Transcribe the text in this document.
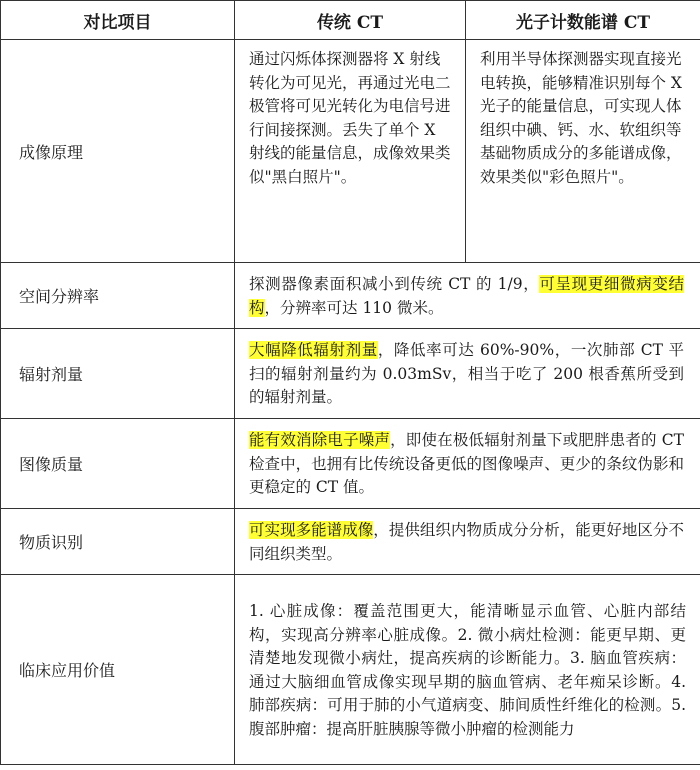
对比项目	传统 CT	光子计数能谱 CT
成像原理	通过闪烁体探测器将 X 射线转化为可见光，再通过光电二极管将可见光转化为电信号进行间接探测。丢失了单个 X 射线的能量信息，成像效果类似"黑白照片"。	利用半导体探测器实现直接光电转换，能够精准识别每个 X 光子的能量信息，可实现人体组织中碘、钙、水、软组织等基础物质成分的多能谱成像，效果类似"彩色照片"。
空间分辨率	探测器像素面积减小到传统 CT 的 1/9，可呈现更细微病变结构，分辨率可达 110 微米。	
辐射剂量	大幅降低辐射剂量，降低率可达 60%-90%，一次肺部 CT 平扫的辐射剂量约为 0.03mSv，相当于吃了 200 根香蕉所受到的辐射剂量。	
图像质量	能有效消除电子噪声，即使在极低辐射剂量下或肥胖患者的 CT 检查中，也拥有比传统设备更低的图像噪声、更少的条纹伪影和更稳定的 CT 值。	
物质识别	可实现多能谱成像，提供组织内物质成分分析，能更好地区分不同组织类型。	
临床应用价值	1. 心脏成像：覆盖范围更大，能清晰显示血管、心脏内部结构，实现高分辨率心脏成像。2. 微小病灶检测：能更早期、更清楚地发现微小病灶，提高疾病的诊断能力。3. 脑血管疾病：通过大脑细血管成像实现早期的脑血管病、老年痴呆诊断。4. 肺部疾病：可用于肺的小气道病变、肺间质性纤维化的检测。5. 腹部肿瘤：提高肝脏胰腺等微小肿瘤的检测能力	
